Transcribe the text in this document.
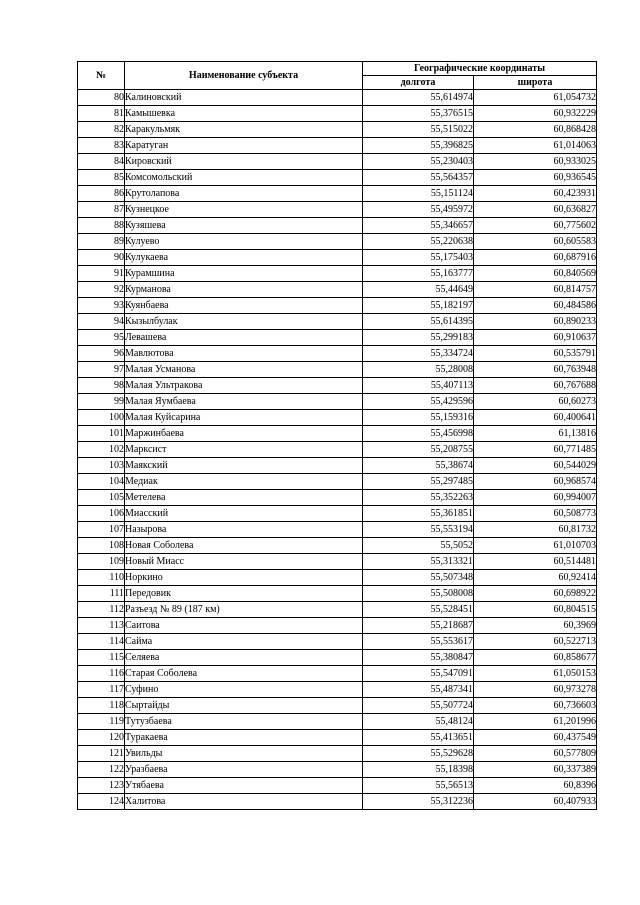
№	Наименование субъекта	Географические координаты	
		долгота	широта
80	Калиновский	55,614974	61,054732
81	Камышевка	55,376515	60,932229
82	Каракульмяк	55,515022	60,868428
83	Каратуган	55,396825	61,014063
84	Кировский	55,230403	60,933025
85	Комсомольский	55,564357	60,936545
86	Крутолапова	55,151124	60,423931
87	Кузнецкое	55,495972	60,636827
88	Кузяшева	55,346657	60,775602
89	Кулуево	55,220638	60,605583
90	Кулукаева	55,175403	60,687916
91	Курамшина	55,163777	60,840569
92	Курманова	55,44649	60,814757
93	Куянбаева	55,182197	60,484586
94	Кызылбулак	55,614395	60,890233
95	Левашева	55,299183	60,910637
96	Мавлютова	55,334724	60,535791
97	Малая Усманова	55,28008	60,763948
98	Малая Ультракова	55,407113	60,767688
99	Малая Яумбаева	55,429596	60,60273
100	Малая Куйсарина	55,159316	60,400641
101	Маржинбаева	55,456998	61,13816
102	Марксист	55,208755	60,771485
103	Маякский	55,38674	60,544029
104	Медиак	55,297485	60,968574
105	Метелева	55,352263	60,994007
106	Миасский	55,361851	60,508773
107	Назырова	55,553194	60,81732
108	Новая Соболева	55,5052	61,010703
109	Новый Миасс	55,313321	60,514481
110	Норкино	55,507348	60,92414
111	Передовик	55,508008	60,698922
112	Разъезд № 89 (187 км)	55,528451	60,804515
113	Саитова	55,218687	60,3969
114	Сайма	55,553617	60,522713
115	Селяева	55,380847	60,858677
116	Старая Соболева	55,547091	61,050153
117	Суфино	55,487341	60,973278
118	Сыртайды	55,507724	60,736603
119	Тутузбаева	55,48124	61,201996
120	Туракаева	55,413651	60,437549
121	Увильды	55,529628	60,577809
122	Уразбаева	55,18398	60,337389
123	Утябаева	55,56513	60,8396
124	Халитова	55,312236	60,407933
